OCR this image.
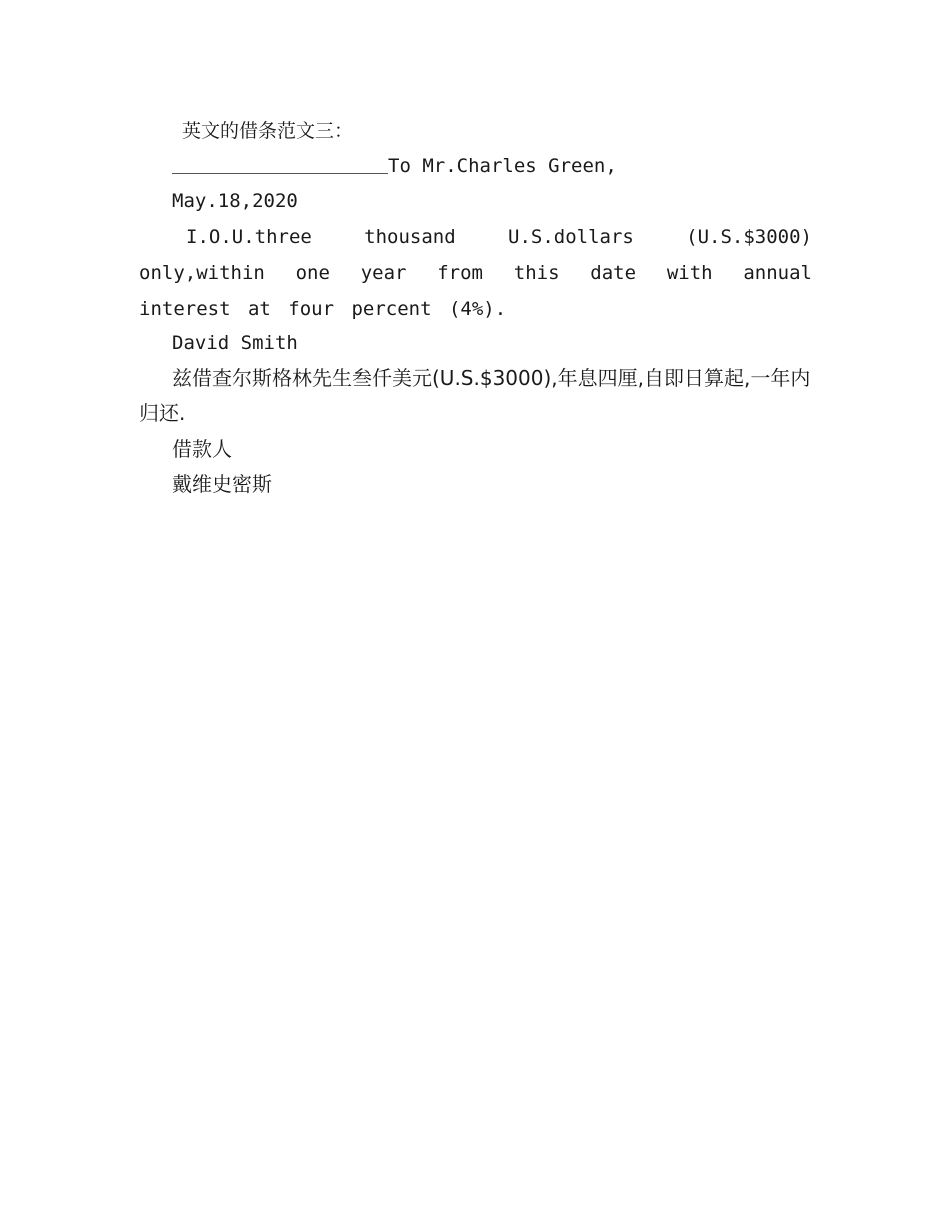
英文的借条范文三：
To Mr.Charles Green,
May.18,2020
I.O.U.three thousand U.S.dollars (U.S.$3000) only,within one year from this date with annual interest at four percent (4%).
David Smith
兹借查尔斯格林先生叁仟美元(U.S.$3000),年息四厘,自即日算起,一年内归还.
借款人
戴维史密斯
